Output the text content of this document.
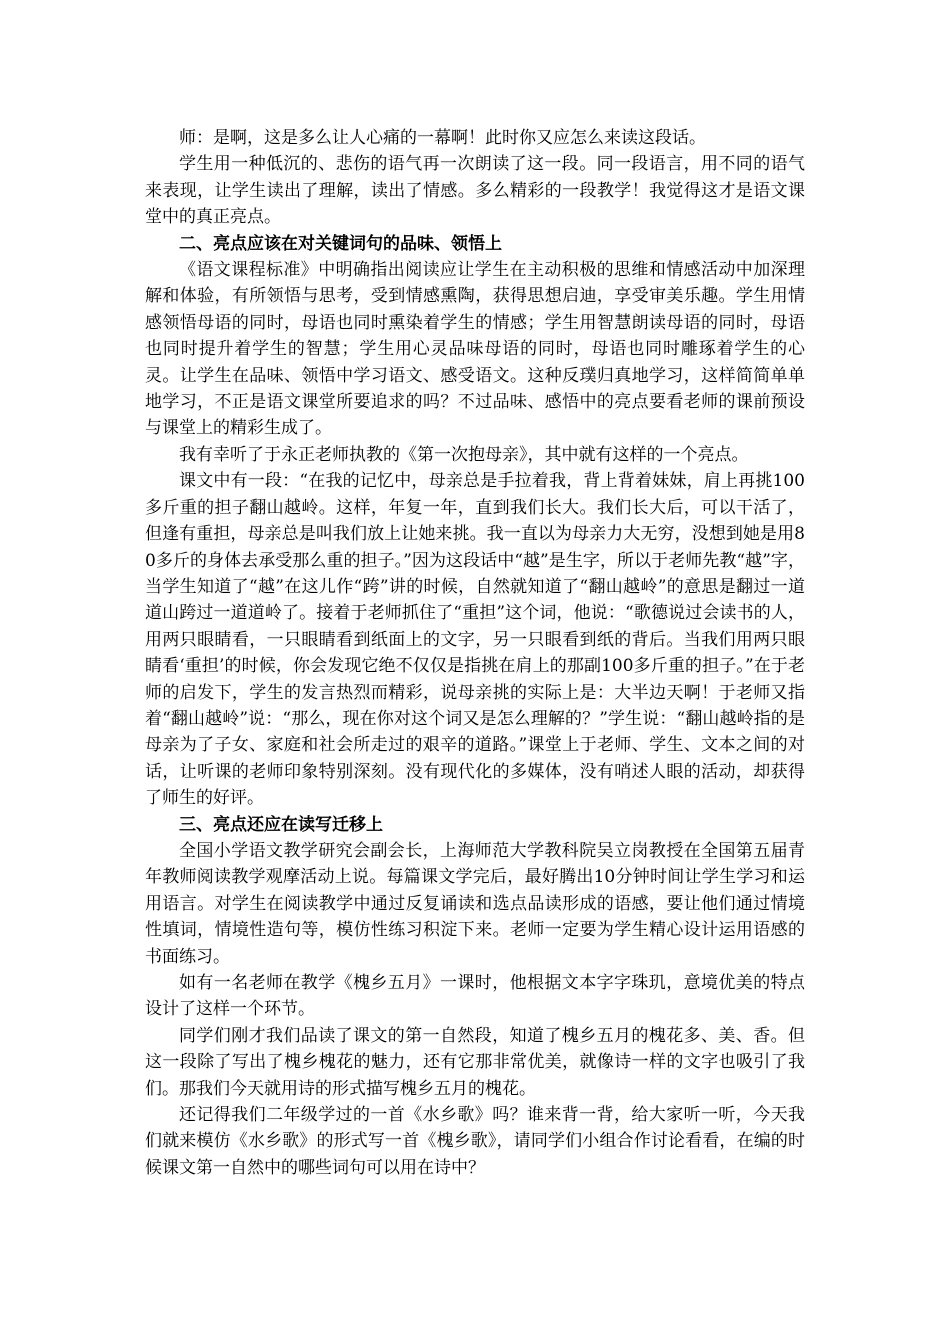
师：是啊，这是多么让人心痛的一幕啊！此时你又应怎么来读这段话。

学生用一种低沉的、悲伤的语气再一次朗读了这一段。同一段语言，用不同的语气来表现，让学生读出了理解，读出了情感。多么精彩的一段教学！我觉得这才是语文课堂中的真正亮点。

二、亮点应该在对关键词句的品味、领悟上

《语文课程标准》中明确指出阅读应让学生在主动积极的思维和情感活动中加深理解和体验，有所领悟与思考，受到情感熏陶，获得思想启迪，享受审美乐趣。学生用情感领悟母语的同时，母语也同时熏染着学生的情感；学生用智慧朗读母语的同时，母语也同时提升着学生的智慧；学生用心灵品味母语的同时，母语也同时雕琢着学生的心灵。让学生在品味、领悟中学习语文、感受语文。这种反璞归真地学习，这样简简单单地学习，不正是语文课堂所要追求的吗？不过品味、感悟中的亮点要看老师的课前预设与课堂上的精彩生成了。

我有幸听了于永正老师执教的《第一次抱母亲》，其中就有这样的一个亮点。

课文中有一段：“在我的记忆中，母亲总是手拉着我，背上背着妹妹，肩上再挑100多斤重的担子翻山越岭。这样，年复一年，直到我们长大。我们长大后，可以干活了，但逢有重担，母亲总是叫我们放上让她来挑。我一直以为母亲力大无穷，没想到她是用80多斤的身体去承受那么重的担子。”因为这段话中“越”是生字，所以于老师先教“越”字，当学生知道了“越”在这儿作“跨”讲的时候，自然就知道了“翻山越岭”的意思是翻过一道道山跨过一道道岭了。接着于老师抓住了“重担”这个词，他说：“歌德说过会读书的人，用两只眼睛看，一只眼睛看到纸面上的文字，另一只眼看到纸的背后。当我们用两只眼睛看‘重担’的时候，你会发现它绝不仅仅是指挑在肩上的那副100多斤重的担子。”在于老师的启发下，学生的发言热烈而精彩，说母亲挑的实际上是：大半边天啊！于老师又指着“翻山越岭”说：“那么，现在你对这个词又是怎么理解的？”学生说：“翻山越岭指的是母亲为了子女、家庭和社会所走过的艰辛的道路。”课堂上于老师、学生、文本之间的对话，让听课的老师印象特别深刻。没有现代化的多媒体，没有哨述人眼的活动，却获得了师生的好评。

三、亮点还应在读写迁移上

全国小学语文教学研究会副会长，上海师范大学教科院吴立岗教授在全国第五届青年教师阅读教学观摩活动上说。每篇课文学完后，最好腾出10分钟时间让学生学习和运用语言。对学生在阅读教学中通过反复诵读和选点品读形成的语感，要让他们通过情境性填词，情境性造句等，模仿性练习积淀下来。老师一定要为学生精心设计运用语感的书面练习。

如有一名老师在教学《槐乡五月》一课时，他根据文本字字珠玑，意境优美的特点设计了这样一个环节。

同学们刚才我们品读了课文的第一自然段，知道了槐乡五月的槐花多、美、香。但这一段除了写出了槐乡槐花的魅力，还有它那非常优美，就像诗一样的文字也吸引了我们。那我们今天就用诗的形式描写槐乡五月的槐花。

还记得我们二年级学过的一首《水乡歌》吗？谁来背一背，给大家听一听，今天我们就来模仿《水乡歌》的形式写一首《槐乡歌》，请同学们小组合作讨论看看，在编的时候课文第一自然中的哪些词句可以用在诗中？
